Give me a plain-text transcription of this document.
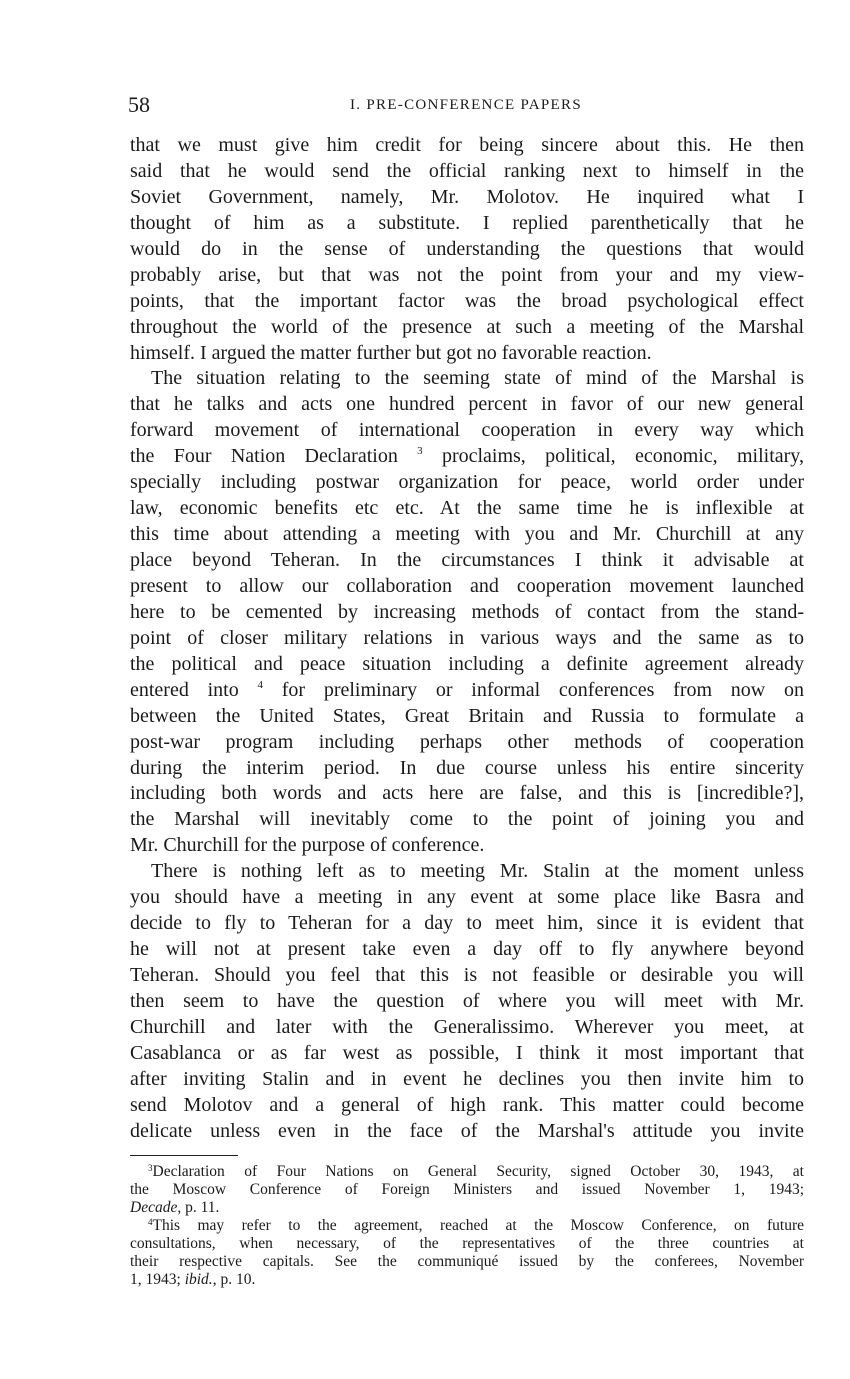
58	I. PRE-CONFERENCE PAPERS
that we must give him credit for being sincere about this. He then
said that he would send the official ranking next to himself in the
Soviet Government, namely, Mr. Molotov. He inquired what I
thought of him as a substitute. I replied parenthetically that he
would do in the sense of understanding the questions that would
probably arise, but that was not the point from your and my view-
points, that the important factor was the broad psychological effect
throughout the world of the presence at such a meeting of the Marshal
himself. I argued the matter further but got no favorable reaction.
The situation relating to the seeming state of mind of the Marshal is
that he talks and acts one hundred percent in favor of our new general
forward movement of international cooperation in every way which
the Four Nation Declaration $^3$ proclaims, political, economic, military,
specially including postwar organization for peace, world order under
law, economic benefits etc etc. At the same time he is inflexible at
this time about attending a meeting with you and Mr. Churchill at any
place beyond Teheran. In the circumstances I think it advisable at
present to allow our collaboration and cooperation movement launched
here to be cemented by increasing methods of contact from the stand-
point of closer military relations in various ways and the same as to
the political and peace situation including a definite agreement already
entered into $^4$ for preliminary or informal conferences from now on
between the United States, Great Britain and Russia to formulate a
post-war program including perhaps other methods of cooperation
during the interim period. In due course unless his entire sincerity
including both words and acts here are false, and this is [incredible?],
the Marshal will inevitably come to the point of joining you and
Mr. Churchill for the purpose of conference.
There is nothing left as to meeting Mr. Stalin at the moment unless
you should have a meeting in any event at some place like Basra and
decide to fly to Teheran for a day to meet him, since it is evident that
he will not at present take even a day off to fly anywhere beyond
Teheran. Should you feel that this is not feasible or desirable you will
then seem to have the question of where you will meet with Mr.
Churchill and later with the Generalissimo. Wherever you meet, at
Casablanca or as far west as possible, I think it most important that
after inviting Stalin and in event he declines you then invite him to
send Molotov and a general of high rank. This matter could become
delicate unless even in the face of the Marshal's attitude you invite
$^3$Declaration of Four Nations on General Security, signed October 30, 1943, at
the Moscow Conference of Foreign Ministers and issued November 1, 1943;
Decade, p. 11.
$^4$This may refer to the agreement, reached at the Moscow Conference, on future
consultations, when necessary, of the representatives of the three countries at
their respective capitals. See the communiqué issued by the conferees, November
1, 1943; ibid., p. 10.
